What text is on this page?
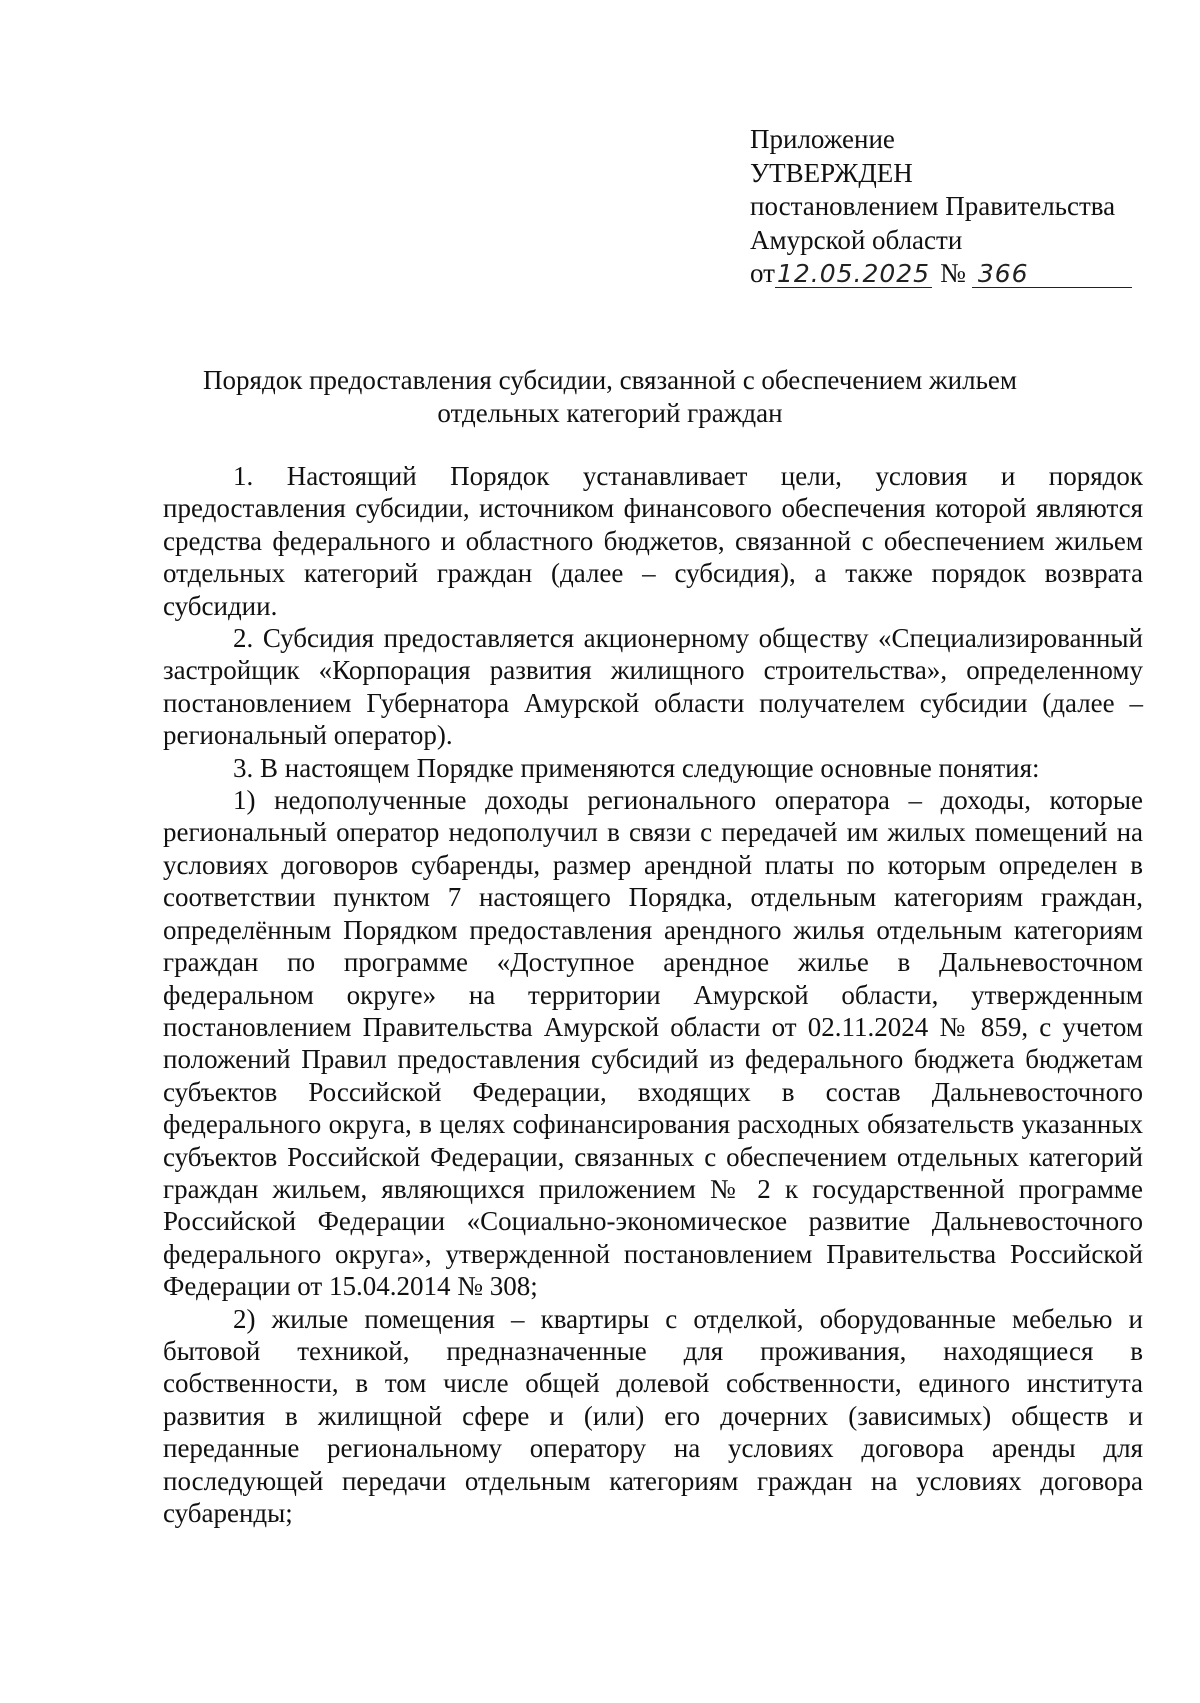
Приложение
УТВЕРЖДЕН
постановлением Правительства
Амурской области
от 12.05.2025 № 366
Порядок предоставления субсидии, связанной с обеспечением жильем
отдельных категорий граждан

1. Настоящий Порядок устанавливает цели, условия и порядок предоставления субсидии, источником финансового обеспечения которой являются средства федерального и областного бюджетов, связанной с обеспечением жильем отдельных категорий граждан (далее – субсидия), а также порядок возврата субсидии.

2. Субсидия предоставляется акционерному обществу «Специализированный застройщик «Корпорация развития жилищного строительства», определенному постановлением Губернатора Амурской области получателем субсидии (далее – региональный оператор).

3. В настоящем Порядке применяются следующие основные понятия:

1) недополученные доходы регионального оператора – доходы, которые региональный оператор недополучил в связи с передачей им жилых помещений на условиях договоров субаренды, размер арендной платы по которым определен в соответствии пунктом 7 настоящего Порядка, отдельным категориям граждан, определённым Порядком предоставления арендного жилья отдельным категориям граждан по программе «Доступное арендное жилье в Дальневосточном федеральном округе» на территории Амурской области, утвержденным постановлением Правительства Амурской области от 02.11.2024 № 859, с учетом положений Правил предоставления субсидий из федерального бюджета бюджетам субъектов Российской Федерации, входящих в состав Дальневосточного федерального округа, в целях софинансирования расходных обязательств указанных субъектов Российской Федерации, связанных с обеспечением отдельных категорий граждан жильем, являющихся приложением № 2 к государственной программе Российской Федерации «Социально-экономическое развитие Дальневосточного федерального округа», утвержденной постановлением Правительства Российской Федерации от 15.04.2014 № 308;

2) жилые помещения – квартиры с отделкой, оборудованные мебелью и бытовой техникой, предназначенные для проживания, находящиеся в собственности, в том числе общей долевой собственности, единого института развития в жилищной сфере и (или) его дочерних (зависимых) обществ и переданные региональному оператору на условиях договора аренды для последующей передачи отдельным категориям граждан на условиях договора субаренды;
